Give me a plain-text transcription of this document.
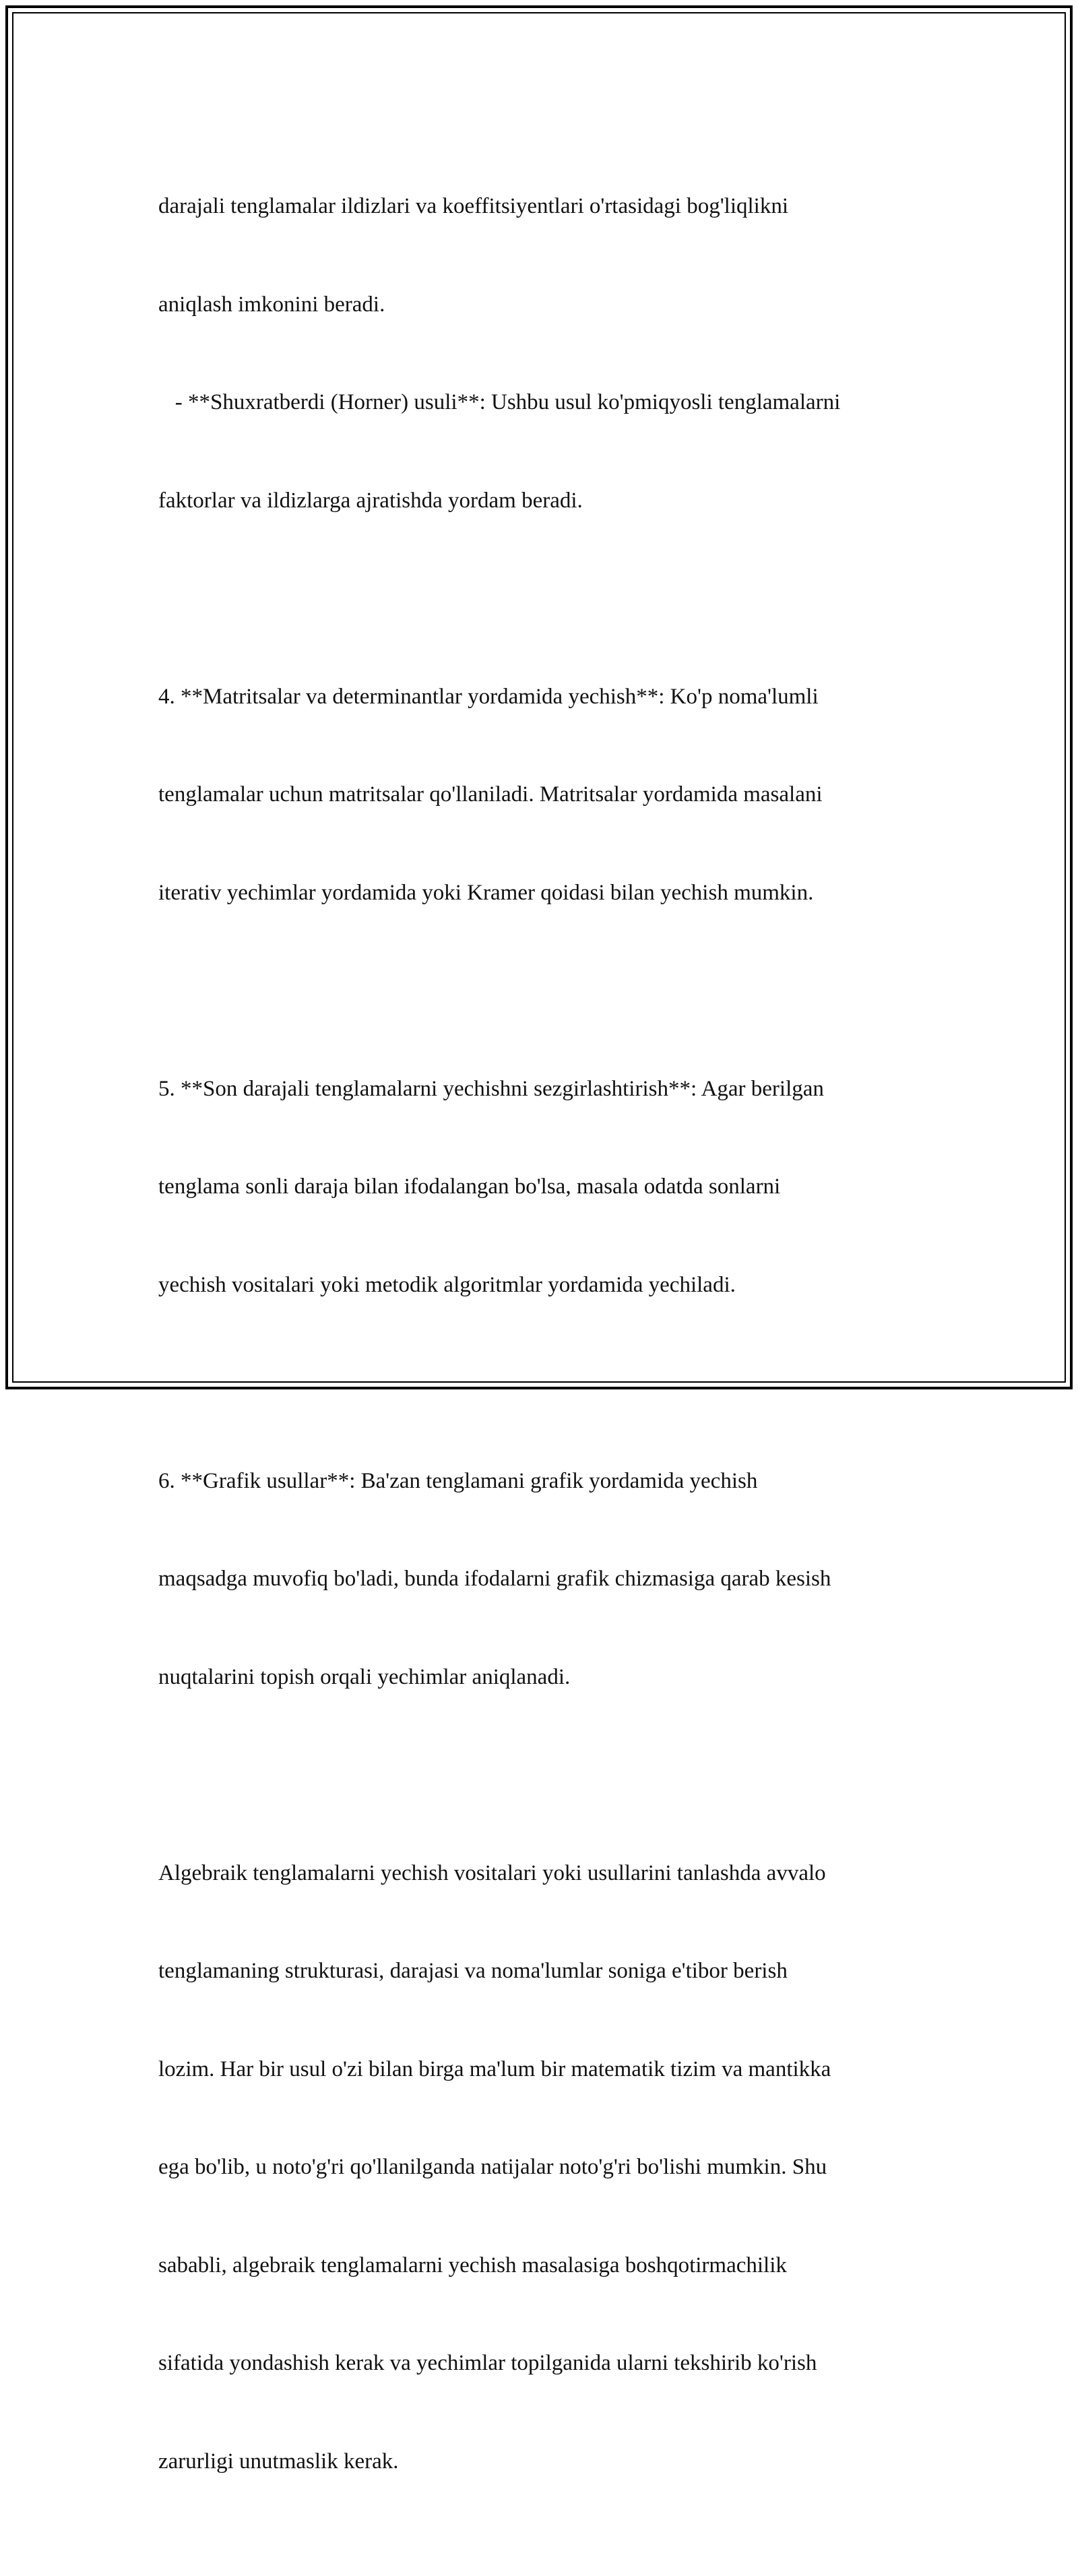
darajali tenglamalar ildizlari va koeffitsiyentlari o'rtasidagi bog'liqlikni

aniqlash imkonini beradi.

- **Shuxratberdi (Horner) usuli**: Ushbu usul ko'pmiqyosli tenglamalarni

faktorlar va ildizlarga ajratishda yordam beradi.

4. **Matritsalar va determinantlar yordamida yechish**: Ko'p noma'lumli

tenglamalar uchun matritsalar qo'llaniladi. Matritsalar yordamida masalani

iterativ yechimlar yordamida yoki Kramer qoidasi bilan yechish mumkin.

5. **Son darajali tenglamalarni yechishni sezgirlashtirish**: Agar berilgan

tenglama sonli daraja bilan ifodalangan bo'lsa, masala odatda sonlarni

yechish vositalari yoki metodik algoritmlar yordamida yechiladi.

6. **Grafik usullar**: Ba'zan tenglamani grafik yordamida yechish

maqsadga muvofiq bo'ladi, bunda ifodalarni grafik chizmasiga qarab kesish

nuqtalarini topish orqali yechimlar aniqlanadi.

Algebraik tenglamalarni yechish vositalari yoki usullarini tanlashda avvalo

tenglamaning strukturasi, darajasi va noma'lumlar soniga e'tibor berish

lozim. Har bir usul o'zi bilan birga ma'lum bir matematik tizim va mantikka

ega bo'lib, u noto'g'ri qo'llanilganda natijalar noto'g'ri bo'lishi mumkin. Shu

sababli, algebraik tenglamalarni yechish masalasiga boshqotirmachilik

sifatida yondashish kerak va yechimlar topilganida ularni tekshirib ko'rish

zarurligi unutmaslik kerak.
